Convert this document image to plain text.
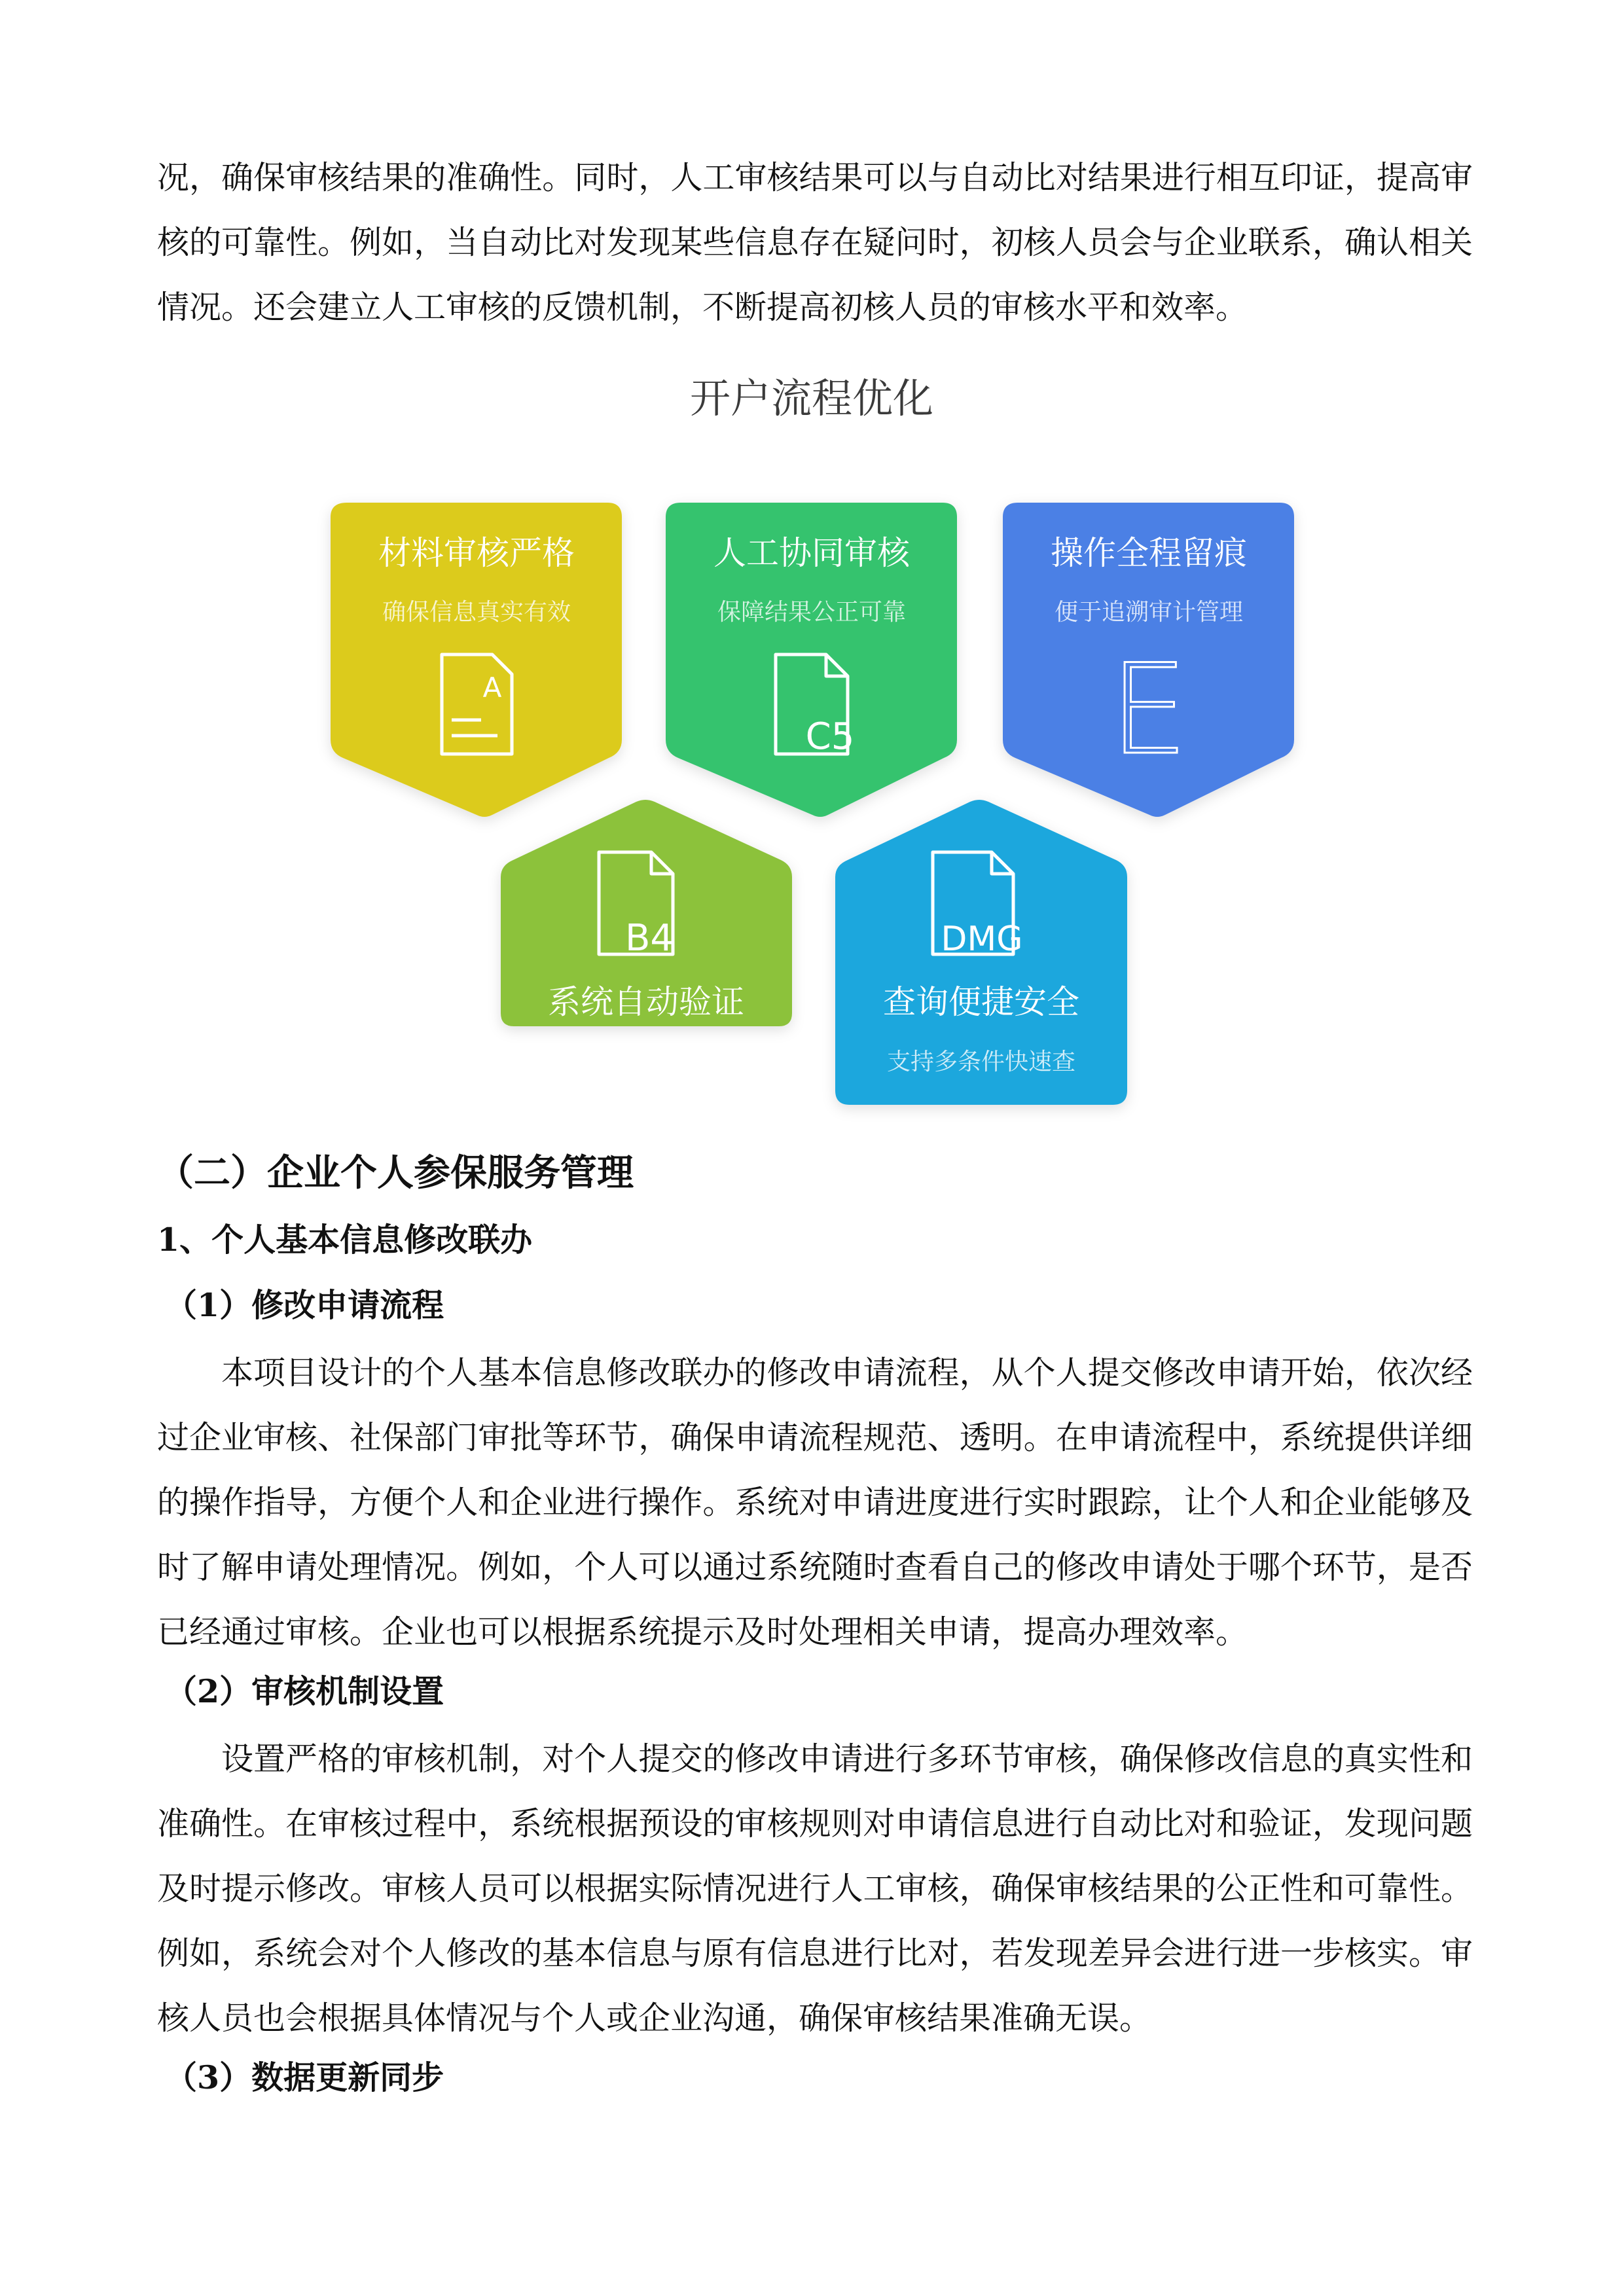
况，确保审核结果的准确性。同时，人工审核结果可以与自动比对结果进行相互印证，提高审核的可靠性。例如，当自动比对发现某些信息存在疑问时，初核人员会与企业联系，确认相关情况。还会建立人工审核的反馈机制，不断提高初核人员的审核水平和效率。

开户流程优化
材料审核严格
确保信息真实有效
A
人工协同审核
保障结果公正可靠
C5
操作全程留痕
便于追溯审计管理
E
B4
系统自动验证
提升数据准确效率
DMG
查询便捷安全
支持多条件快速查
（二）企业个人参保服务管理
1、个人基本信息修改联办
（1）修改申请流程

本项目设计的个人基本信息修改联办的修改申请流程，从个人提交修改申请开始，依次经过企业审核、社保部门审批等环节，确保申请流程规范、透明。在申请流程中，系统提供详细的操作指导，方便个人和企业进行操作。系统对申请进度进行实时跟踪，让个人和企业能够及时了解申请处理情况。例如，个人可以通过系统随时查看自己的修改申请处于哪个环节，是否已经通过审核。企业也可以根据系统提示及时处理相关申请，提高办理效率。

（2）审核机制设置

设置严格的审核机制，对个人提交的修改申请进行多环节审核，确保修改信息的真实性和准确性。在审核过程中，系统根据预设的审核规则对申请信息进行自动比对和验证，发现问题及时提示修改。审核人员可以根据实际情况进行人工审核，确保审核结果的公正性和可靠性。例如，系统会对个人修改的基本信息与原有信息进行比对，若发现差异会进行进一步核实。审核人员也会根据具体情况与个人或企业沟通，确保审核结果准确无误。

（3）数据更新同步
